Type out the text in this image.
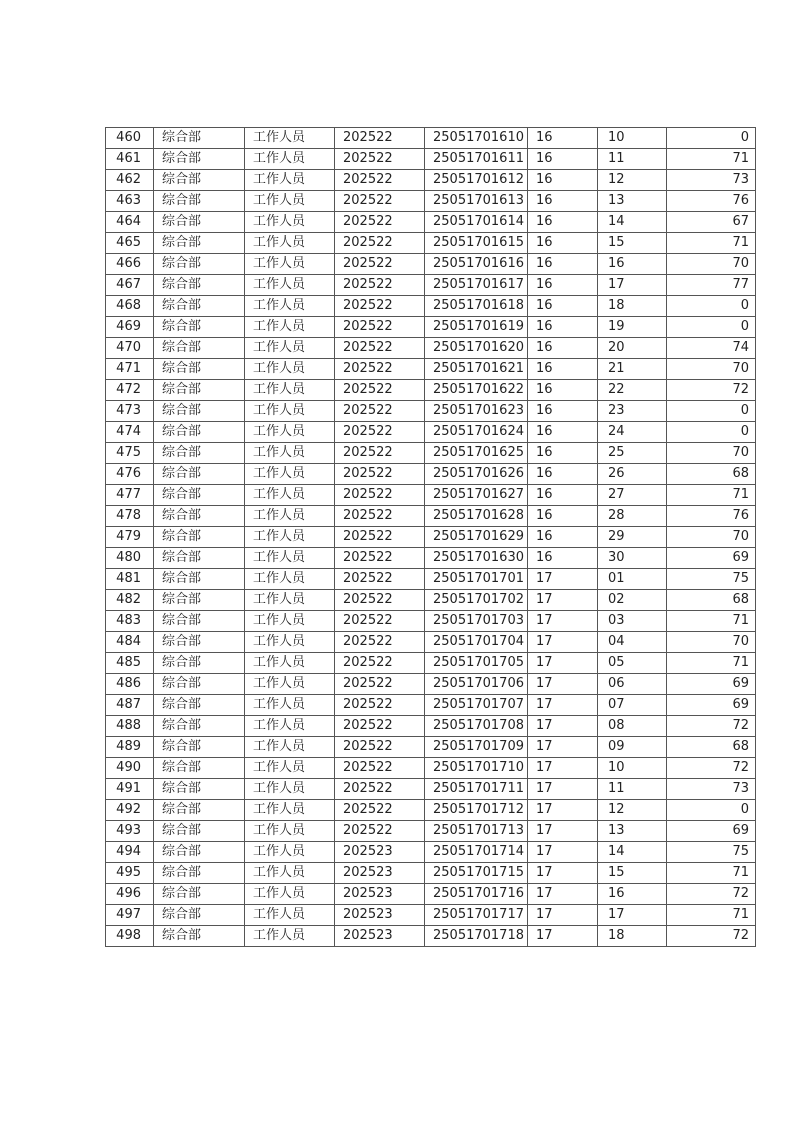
460	综合部	工作人员	202522	25051701610	16	10	0
461	综合部	工作人员	202522	25051701611	16	11	71
462	综合部	工作人员	202522	25051701612	16	12	73
463	综合部	工作人员	202522	25051701613	16	13	76
464	综合部	工作人员	202522	25051701614	16	14	67
465	综合部	工作人员	202522	25051701615	16	15	71
466	综合部	工作人员	202522	25051701616	16	16	70
467	综合部	工作人员	202522	25051701617	16	17	77
468	综合部	工作人员	202522	25051701618	16	18	0
469	综合部	工作人员	202522	25051701619	16	19	0
470	综合部	工作人员	202522	25051701620	16	20	74
471	综合部	工作人员	202522	25051701621	16	21	70
472	综合部	工作人员	202522	25051701622	16	22	72
473	综合部	工作人员	202522	25051701623	16	23	0
474	综合部	工作人员	202522	25051701624	16	24	0
475	综合部	工作人员	202522	25051701625	16	25	70
476	综合部	工作人员	202522	25051701626	16	26	68
477	综合部	工作人员	202522	25051701627	16	27	71
478	综合部	工作人员	202522	25051701628	16	28	76
479	综合部	工作人员	202522	25051701629	16	29	70
480	综合部	工作人员	202522	25051701630	16	30	69
481	综合部	工作人员	202522	25051701701	17	01	75
482	综合部	工作人员	202522	25051701702	17	02	68
483	综合部	工作人员	202522	25051701703	17	03	71
484	综合部	工作人员	202522	25051701704	17	04	70
485	综合部	工作人员	202522	25051701705	17	05	71
486	综合部	工作人员	202522	25051701706	17	06	69
487	综合部	工作人员	202522	25051701707	17	07	69
488	综合部	工作人员	202522	25051701708	17	08	72
489	综合部	工作人员	202522	25051701709	17	09	68
490	综合部	工作人员	202522	25051701710	17	10	72
491	综合部	工作人员	202522	25051701711	17	11	73
492	综合部	工作人员	202522	25051701712	17	12	0
493	综合部	工作人员	202522	25051701713	17	13	69
494	综合部	工作人员	202523	25051701714	17	14	75
495	综合部	工作人员	202523	25051701715	17	15	71
496	综合部	工作人员	202523	25051701716	17	16	72
497	综合部	工作人员	202523	25051701717	17	17	71
498	综合部	工作人员	202523	25051701718	17	18	72
